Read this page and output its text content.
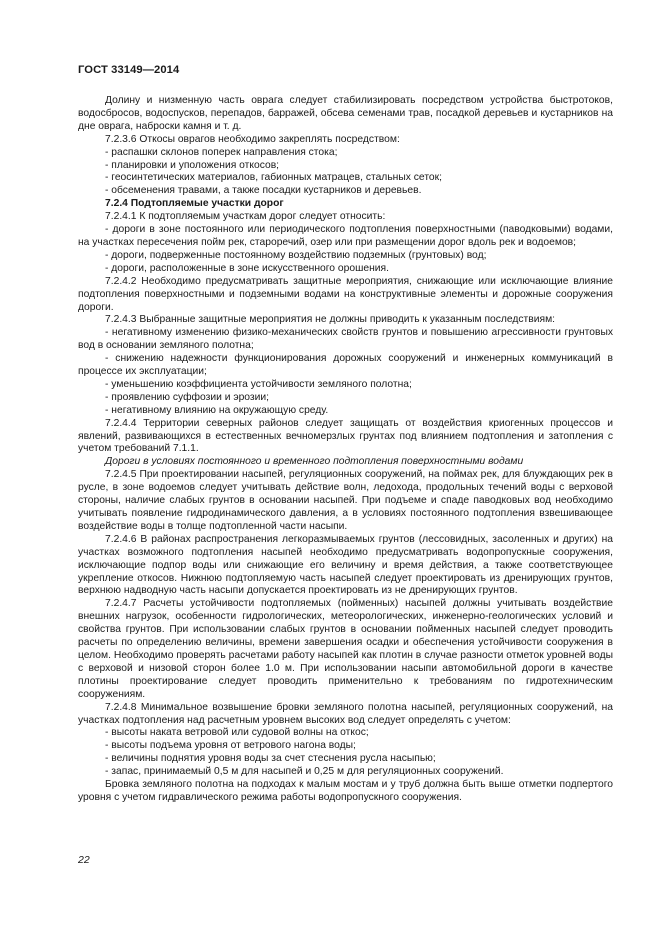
ГОСТ 33149—2014

Долину и низменную часть оврага следует стабилизировать посредством устройства быстротоков, водосбросов, водоспусков, перепадов, барражей, обсева семенами трав, посадкой деревьев и кустарников на дне оврага, наброски камня и т. д.

7.2.3.6 Откосы оврагов необходимо закреплять посредством:

- распашки склонов поперек направления стока;

- планировки и уположения откосов;

- геосинтетических материалов, габионных матрацев, стальных сеток;

- обсеменения травами, а также посадки кустарников и деревьев.

7.2.4 Подтопляемые участки дорог

7.2.4.1 К подтопляемым участкам дорог следует относить:

- дороги в зоне постоянного или периодического подтопления поверхностными (паводковыми) водами, на участках пересечения пойм рек, староречий, озер или при размещении дорог вдоль рек и водоемов;

- дороги, подверженные постоянному воздействию подземных (грунтовых) вод;

- дороги, расположенные в зоне искусственного орошения.

7.2.4.2 Необходимо предусматривать защитные мероприятия, снижающие или исключающие влияние подтопления поверхностными и подземными водами на конструктивные элементы и дорожные сооружения дороги.

7.2.4.3 Выбранные защитные мероприятия не должны приводить к указанным последствиям:

- негативному изменению физико-механических свойств грунтов и повышению агрессивности грунтовых вод в основании земляного полотна;

- снижению надежности функционирования дорожных сооружений и инженерных коммуникаций в процессе их эксплуатации;

- уменьшению коэффициента устойчивости земляного полотна;

- проявлению суффозии и эрозии;

- негативному влиянию на окружающую среду.

7.2.4.4 Территории северных районов следует защищать от воздействия криогенных процессов и явлений, развивающихся в естественных вечномерзлых грунтах под влиянием подтопления и затопления с учетом требований 7.1.1.

Дороги в условиях постоянного и временного подтопления поверхностными водами

7.2.4.5 При проектировании насыпей, регуляционных сооружений, на поймах рек, для блуждающих рек в русле, в зоне водоемов следует учитывать действие волн, ледохода, продольных течений воды с верховой стороны, наличие слабых грунтов в основании насыпей. При подъеме и спаде паводковых вод необходимо учитывать появление гидродинамического давления, а в условиях постоянного подтопления взвешивающее воздействие воды в толще подтопленной части насыпи.

7.2.4.6 В районах распространения легкоразмываемых грунтов (лессовидных, засоленных и других) на участках возможного подтопления насыпей необходимо предусматривать водопропускные сооружения, исключающие подпор воды или снижающие его величину и время действия, а также соответствующее укрепление откосов. Нижнюю подтопляемую часть насыпей следует проектировать из дренирующих грунтов, верхнюю надводную часть насыпи допускается проектировать из не дренирующих грунтов.

7.2.4.7 Расчеты устойчивости подтопляемых (пойменных) насыпей должны учитывать воздействие внешних нагрузок, особенности гидрологических, метеорологических, инженерно-геологических условий и свойства грунтов. При использовании слабых грунтов в основании пойменных насыпей следует проводить расчеты по определению величины, времени завершения осадки и обеспечения устойчивости сооружения в целом. Необходимо проверять расчетами работу насыпей как плотин в случае разности отметок уровней воды с верховой и низовой сторон более 1.0 м. При использовании насыпи автомобильной дороги в качестве плотины проектирование следует проводить применительно к требованиям по гидротехническим сооружениям.

7.2.4.8 Минимальное возвышение бровки земляного полотна насыпей, регуляционных сооружений, на участках подтопления над расчетным уровнем высоких вод следует определять с учетом:

- высоты наката ветровой или судовой волны на откос;

- высоты подъема уровня от ветрового нагона воды;

- величины поднятия уровня воды за счет стеснения русла насыпью;

- запас, принимаемый 0,5 м для насыпей и 0,25 м для регуляционных сооружений.

Бровка земляного полотна на подходах к малым мостам и у труб должна быть выше отметки подпертого уровня с учетом гидравлического режима работы водопропускного сооружения.

22
